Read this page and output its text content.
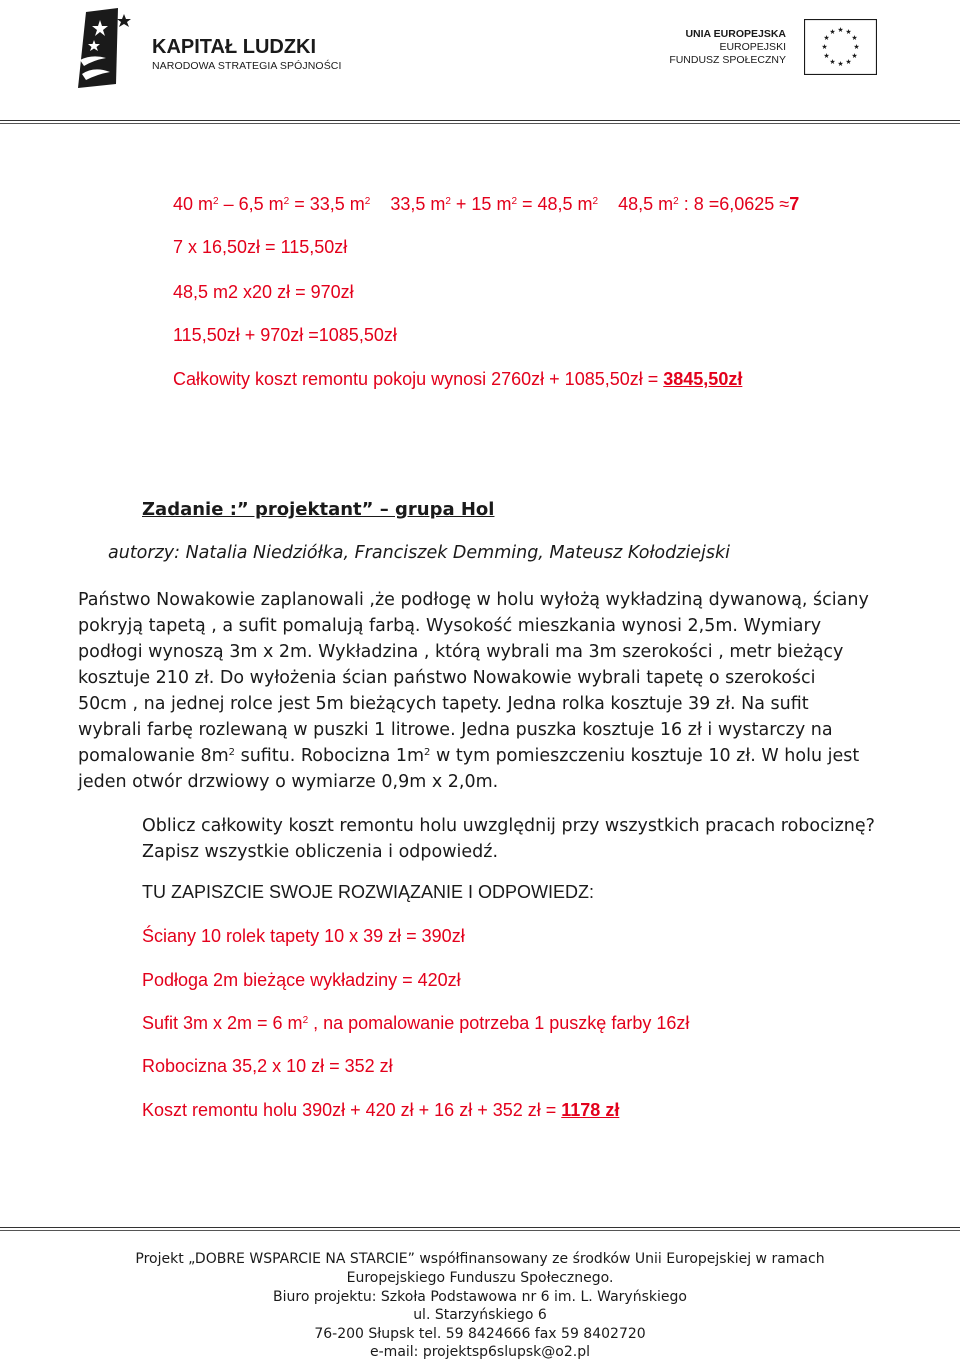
KAPITAŁ LUDZKI
NARODOWA STRATEGIA SPÓJNOŚCI
UNIA EUROPEJSKA
EUROPEJSKI
FUNDUSZ SPOŁECZNY
★ ★
★
★
★
★
★
★
★
★
★
★
40 $m^2 - 6,5$ $m^2 = 33,5$ $m^2$ 33,5 $m^2 + 15$ $m^2 = 48,5$ $m^2$ 48,5 $m^2$ : 8 =6,0625 ≈7
7 x 16,50zł = 115,50zł
48,5 m2 x20 zł = 970zł
115,50zł + 970zł =1085,50zł
Całkowity koszt remontu pokoju wynosi 2760zł + 1085,50zł = 3845,50zł
Zadanie :” projektant” – grupa Hol
autorzy: Natalia Niedziółka, Franciszek Demming, Mateusz Kołodziejski
Państwo Nowakowie zaplanowali ,że podłogę w holu wyłożą wykładziną dywanową, ściany
pokryją tapetą , a sufit pomalują farbą. Wysokość mieszkania wynosi 2,5m. Wymiary
podłogi wynoszą 3m x 2m. Wykładzina , którą wybrali ma 3m szerokości , metr bieżący
kosztuje 210 zł. Do wyłożenia ścian państwo Nowakowie wybrali tapetę o szerokości
50cm , na jednej rolce jest 5m bieżących tapety. Jedna rolka kosztuje 39 zł. Na sufit
wybrali farbę rozlewaną w puszki 1 litrowe. Jedna puszka kosztuje 16 zł i wystarczy na
pomalowanie $8m^2$ sufitu. Robocizna $1m^2$ w tym pomieszczeniu kosztuje 10 zł. W holu jest
jeden otwór drzwiowy o wymiarze 0,9m x 2,0m.
Oblicz całkowity koszt remontu holu uwzględnij przy wszystkich pracach robociznę?
Zapisz wszystkie obliczenia i odpowiedź.
TU ZAPISZCIE SWOJE ROZWIĄZANIE I ODPOWIEDZ:
Ściany 10 rolek tapety 10 x 39 zł = 390zł
Podłoga 2m bieżące wykładziny = 420zł
Sufit 3m x 2m = 6 $m^2$ , na pomalowanie potrzeba 1 puszkę farby 16zł
Robocizna 35,2 x 10 zł = 352 zł
Koszt remontu holu 390zł + 420 zł + 16 zł + 352 zł = 1178 zł
Projekt „DOBRE WSPARCIE NA STARCIE” współfinansowany ze środków Unii Europejskiej w ramach
Europejskiego Funduszu Społecznego.
Biuro projektu: Szkoła Podstawowa nr 6 im. L. Waryńskiego
ul. Starzyńskiego 6
76-200 Słupsk tel. 59 8424666 fax 59 8402720
e-mail: projektsp6slupsk@o2.pl
